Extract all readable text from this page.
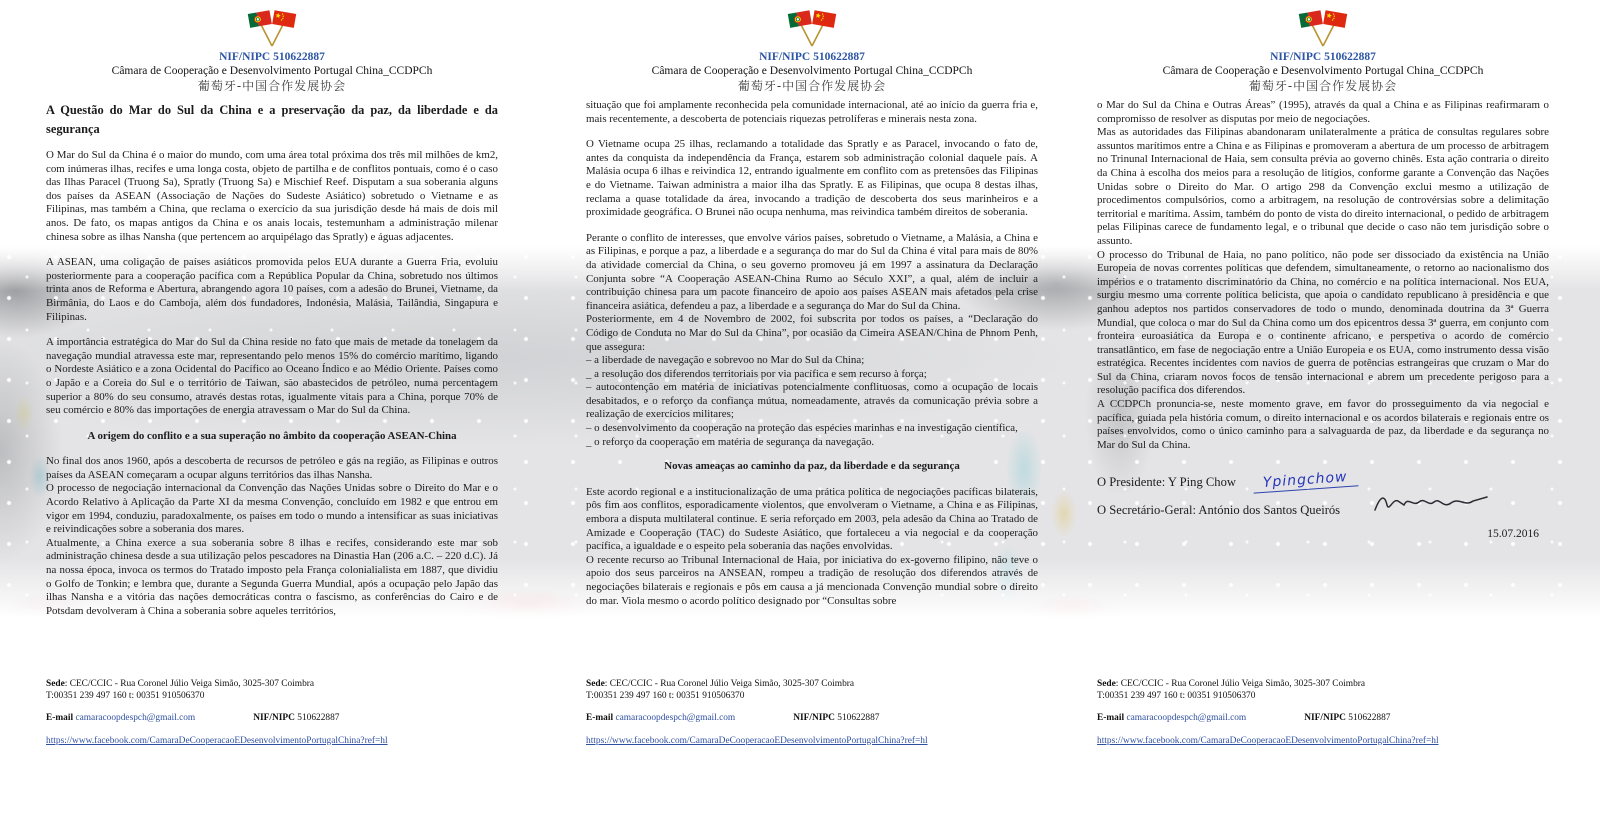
NIF/NIPC 510622887
Câmara de Cooperação e Desenvolvimento Portugal China_CCDPCh
葡萄牙-中国合作发展协会

A Questão do Mar do Sul da China e a preservação da paz, da liberdade e da segurança

O Mar do Sul da China é o maior do mundo, com uma área total próxima dos três mil milhões de km2, com inúmeras ilhas, recifes e uma longa costa, objeto de partilha e de conflitos pontuais, como é o caso das Ilhas Paracel (Truong Sa), Spratly (Truong Sa) e Mischief Reef. Disputam a sua soberania alguns dos países da ASEAN (Associação de Nações do Sudeste Asiático) sobretudo o Vietname e as Filipinas, mas também a China, que reclama o exercício da sua jurisdição desde há mais de dois mil anos. De fato, os mapas antigos da China e os anais locais, testemunham a administração milenar chinesa sobre as ilhas Nansha (que pertencem ao arquipélago das Spratly) e águas adjacentes.

A ASEAN, uma coligação de países asiáticos promovida pelos EUA durante a Guerra Fria, evoluiu posteriormente para a cooperação pacífica com a República Popular da China, sobretudo nos últimos trinta anos de Reforma e Abertura, abrangendo agora 10 países, com a adesão do Brunei, Vietname, da Birmânia, do Laos e do Camboja, além dos fundadores, Indonésia, Malásia, Tailândia, Singapura e Filipinas.

A importância estratégica do Mar do Sul da China reside no fato que mais de metade da tonelagem da navegação mundial atravessa este mar, representando pelo menos 15% do comércio marítimo, ligando o Nordeste Asiático e a zona Ocidental do Pacífico ao Oceano Índico e ao Médio Oriente. Países como o Japão e a Coreia do Sul e o território de Taiwan, são abastecidos de petróleo, numa percentagem superior a 80% do seu consumo, através destas rotas, igualmente vitais para a China, porque 70% de seu comércio e 80% das importações de energia atravessam o Mar do Sul da China.

A origem do conflito e a sua superação no âmbito da cooperação ASEAN-China

No final dos anos 1960, após a descoberta de recursos de petróleo e gás na região, as Filipinas e outros países da ASEAN começaram a ocupar alguns territórios das ilhas Nansha.

O processo de negociação internacional da Convenção das Nações Unidas sobre o Direito do Mar e o Acordo Relativo à Aplicação da Parte XI da mesma Convenção, concluído em 1982 e que entrou em vigor em 1994, conduziu, paradoxalmente, os países em todo o mundo a intensificar as suas iniciativas e reivindicações sobre a soberania dos mares.

Atualmente, a China exerce a sua soberania sobre 8 ilhas e recifes, considerando este mar sob administração chinesa desde a sua utilização pelos pescadores na Dinastia Han (206 a.C. – 220 d.C). Já na nossa época, invoca os termos do Tratado imposto pela França colonialialista em 1887, que dividiu o Golfo de Tonkin; e lembra que, durante a Segunda Guerra Mundial, após a ocupação pelo Japão das ilhas Nansha e a vitória das nações democráticas contra o fascismo, as conferências do Cairo e de Potsdam devolveram à China a soberania sobre aqueles territórios,

Sede: CEC/CCIC - Rua Coronel Júlio Veiga Simão, 3025-307 Coimbra
T:00351 239 497 160 t: 00351 910506370
E-mail camaracoopdespch@gmail.com	NIF/NIPC 510622887
https://www.facebook.com/CamaraDeCooperacaoEDesenvolvimentoPortugalChina?ref=hl
NIF/NIPC 510622887
Câmara de Cooperação e Desenvolvimento Portugal China_CCDPCh
葡萄牙-中国合作发展协会

situação que foi amplamente reconhecida pela comunidade internacional, até ao início da guerra fria e, mais recentemente, a descoberta de potenciais riquezas petrolíferas e minerais nesta zona.

O Vietname ocupa 25 ilhas, reclamando a totalidade das Spratly e as Paracel, invocando o fato de, antes da conquista da independência da França, estarem sob administração colonial daquele país. A Malásia ocupa 6 ilhas e reivindica 12, entrando igualmente em conflito com as pretensões das Filipinas e do Vietname. Taiwan administra a maior ilha das Spratly. E as Filipinas, que ocupa 8 destas ilhas, reclama a quase totalidade da área, invocando a tradição de descoberta dos seus marinheiros e a proximidade geográfica. O Brunei não ocupa nenhuma, mas reivindica também direitos de soberania.

Perante o conflito de interesses, que envolve vários países, sobretudo o Vietname, a Malásia, a China e as Filipinas, e porque a paz, a liberdade e a segurança do mar do Sul da China é vital para mais de 80% da atividade comercial da China, o seu governo promoveu já em 1997 a assinatura da Declaração Conjunta sobre “A Cooperação ASEAN-China Rumo ao Século XXI”, a qual, além de incluir a contribuição chinesa para um pacote financeiro de apoio aos países ASEAN mais afetados pela crise financeira asiática, defendeu a paz, a liberdade e a segurança do Mar do Sul da China.

Posteriormente, em 4 de Novembro de 2002, foi subscrita por todos os países, a “Declaração do Código de Conduta no Mar do Sul da China”, por ocasião da Cimeira ASEAN/China de Phnom Penh, que assegura:

– a liberdade de navegação e sobrevoo no Mar do Sul da China;

_ a resolução dos diferendos territoriais por via pacífica e sem recurso à força;

– autocontenção em matéria de iniciativas potencialmente conflituosas, como a ocupação de locais desabitados, e o reforço da confiança mútua, nomeadamente, através da comunicação prévia sobre a realização de exercícios militares;

– o desenvolvimento da cooperação na proteção das espécies marinhas e na investigação científica,

_ o reforço da cooperação em matéria de segurança da navegação.

Novas ameaças ao caminho da paz, da liberdade e da segurança

Este acordo regional e a institucionalização de uma prática política de negociações pacíficas bilaterais, pôs fim aos conflitos, esporadicamente violentos, que envolveram o Vietname, a China e as Filipinas, embora a disputa multilateral continue. E seria reforçado em 2003, pela adesão da China ao Tratado de Amizade e Cooperação (TAC) do Sudeste Asiático, que fortaleceu a via negocial e da cooperação pacífica, a igualdade e o espeito pela soberania das nações envolvidas.

O recente recurso ao Tribunal Internacional de Haia, por iniciativa do ex-governo filipino, não teve o apoio dos seus parceiros na ANSEAN, rompeu a tradição de resolução dos diferendos através de negociações bilaterais e regionais e pôs em causa a já mencionada Convenção mundial sobre o direito do mar. Viola mesmo o acordo político designado por “Consultas sobre

Sede: CEC/CCIC - Rua Coronel Júlio Veiga Simão, 3025-307 Coimbra
T:00351 239 497 160 t: 00351 910506370
E-mail camaracoopdespch@gmail.com	NIF/NIPC 510622887
https://www.facebook.com/CamaraDeCooperacaoEDesenvolvimentoPortugalChina?ref=hl
NIF/NIPC 510622887
Câmara de Cooperação e Desenvolvimento Portugal China_CCDPCh
葡萄牙-中国合作发展协会

o Mar do Sul da China e Outras Áreas” (1995), através da qual a China e as Filipinas reafirmaram o compromisso de resolver as disputas por meio de negociações.

Mas as autoridades das Filipinas abandonaram unilateralmente a prática de consultas regulares sobre assuntos marítimos entre a China e as Filipinas e promoveram a abertura de um processo de arbitragem no Trinunal Internacional de Haia, sem consulta prévia ao governo chinês. Esta ação contraria o direito da China à escolha dos meios para a resolução de litígios, conforme garante a Convenção das Nações Unidas sobre o Direito do Mar. O artigo 298 da Convenção exclui mesmo a utilização de procedimentos compulsórios, como a arbitragem, na resolução de controvérsias sobre a delimitação territorial e marítima. Assim, também do ponto de vista do direito internacional, o pedido de arbitragem pelas Filipinas carece de fundamento legal, e o tribunal que decide o caso não tem jurisdição sobre o assunto.

O processo do Tribunal de Haia, no pano político, não pode ser dissociado da existência na União Europeia de novas correntes políticas que defendem, simultaneamente, o retorno ao nacionalismo dos impérios e o tratamento discriminatório da China, no comércio e na política internacional. Nos EUA, surgiu mesmo uma corrente política belicista, que apoia o candidato republicano à presidência e que ganhou adeptos nos partidos conservadores de todo o mundo, denominada doutrina da 3ª Guerra Mundial, que coloca o mar do Sul da China como um dos epicentros dessa 3ª guerra, em conjunto com fronteira euroasiática da Europa e o continente africano, e perspetiva o acordo de comércio transatlântico, em fase de negociação entre a União Europeia e os EUA, como instrumento dessa visão estratégica. Recentes incidentes com navios de guerra de potências estrangeiras que cruzam o Mar do Sul da China, criaram novos focos de tensão internacional e abrem um precedente perigoso para a resolução pacífica dos diferendos.

A CCDPCh pronuncia-se, neste momento grave, em favor do prosseguimento da via negocial e pacífica, guiada pela história comum, o direito internacional e os acordos bilaterais e regionais entre os países envolvidos, como o único caminho para a salvaguarda de paz, da liberdade e da segurança no Mar do Sul da China.

O Presidente: Y Ping Chow Ypingchow
O Secretário-Geral: António dos Santos Queirós
15.07.2016
Sede: CEC/CCIC - Rua Coronel Júlio Veiga Simão, 3025-307 Coimbra
T:00351 239 497 160 t: 00351 910506370
E-mail camaracoopdespch@gmail.com	NIF/NIPC 510622887
https://www.facebook.com/CamaraDeCooperacaoEDesenvolvimentoPortugalChina?ref=hl
